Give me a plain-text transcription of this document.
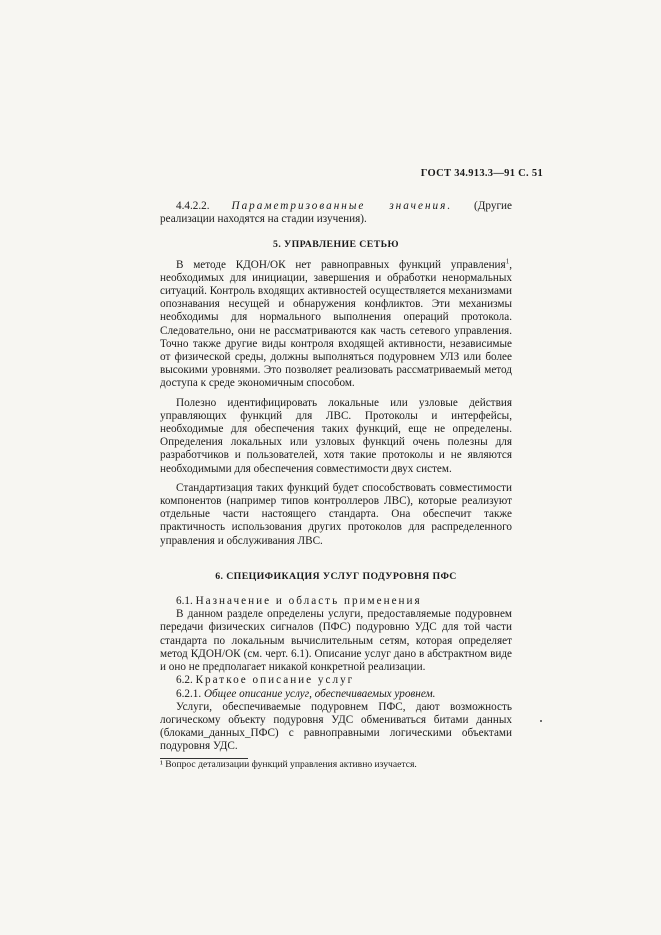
ГОСТ 34.913.3—91 С. 51

4.4.2.2. Параметризованные значения. (Другие реализации находятся на стадии изучения).

5. УПРАВЛЕНИЕ СЕТЬЮ

В методе КДОН/ОК нет равноправных функций управления$^1$, необходимых для инициации, завершения и обработки ненормальных ситуаций. Контроль входящих активностей осуществляется механизмами опознавания несущей и обнаружения конфликтов. Эти механизмы необходимы для нормального выполнения операций протокола. Следовательно, они не рассматриваются как часть сетевого управления. Точно также другие виды контроля входящей активности, независимые от физической среды, должны выполняться подуровнем УЛЗ или более высокими уровнями. Это позволяет реализовать рассматриваемый метод доступа к среде экономичным способом.

Полезно идентифицировать локальные или узловые действия управляющих функций для ЛВС. Протоколы и интерфейсы, необходимые для обеспечения таких функций, еще не определены. Определения локальных или узловых функций очень полезны для разработчиков и пользователей, хотя такие протоколы и не являются необходимыми для обеспечения совместимости двух систем.

Стандартизация таких функций будет способствовать совместимости компонентов (например типов контроллеров ЛВС), которые реализуют отдельные части настоящего стандарта. Она обеспечит также практичность использования других протоколов для распределенного управления и обслуживания ЛВС.

6. СПЕЦИФИКАЦИЯ УСЛУГ ПОДУРОВНЯ ПФС

6.1. Назначение и область применения

В данном разделе определены услуги, предоставляемые подуровнем передачи физических сигналов (ПФС) подуровню УДС для той части стандарта по локальным вычислительным сетям, которая определяет метод КДОН/ОК (см. черт. 6.1). Описание услуг дано в абстрактном виде и оно не предполагает никакой конкретной реализации.

6.2. Краткое описание услуг

6.2.1. Общее описание услуг, обеспечиваемых уровнем.

Услуги, обеспечиваемые подуровнем ПФС, дают возможность логическому объекту подуровня УДС обмениваться битами данных (блоками_данных_ПФС) с равноправными логическими объектами подуровня УДС.

¹ Вопрос детализации функций управления активно изучается.
